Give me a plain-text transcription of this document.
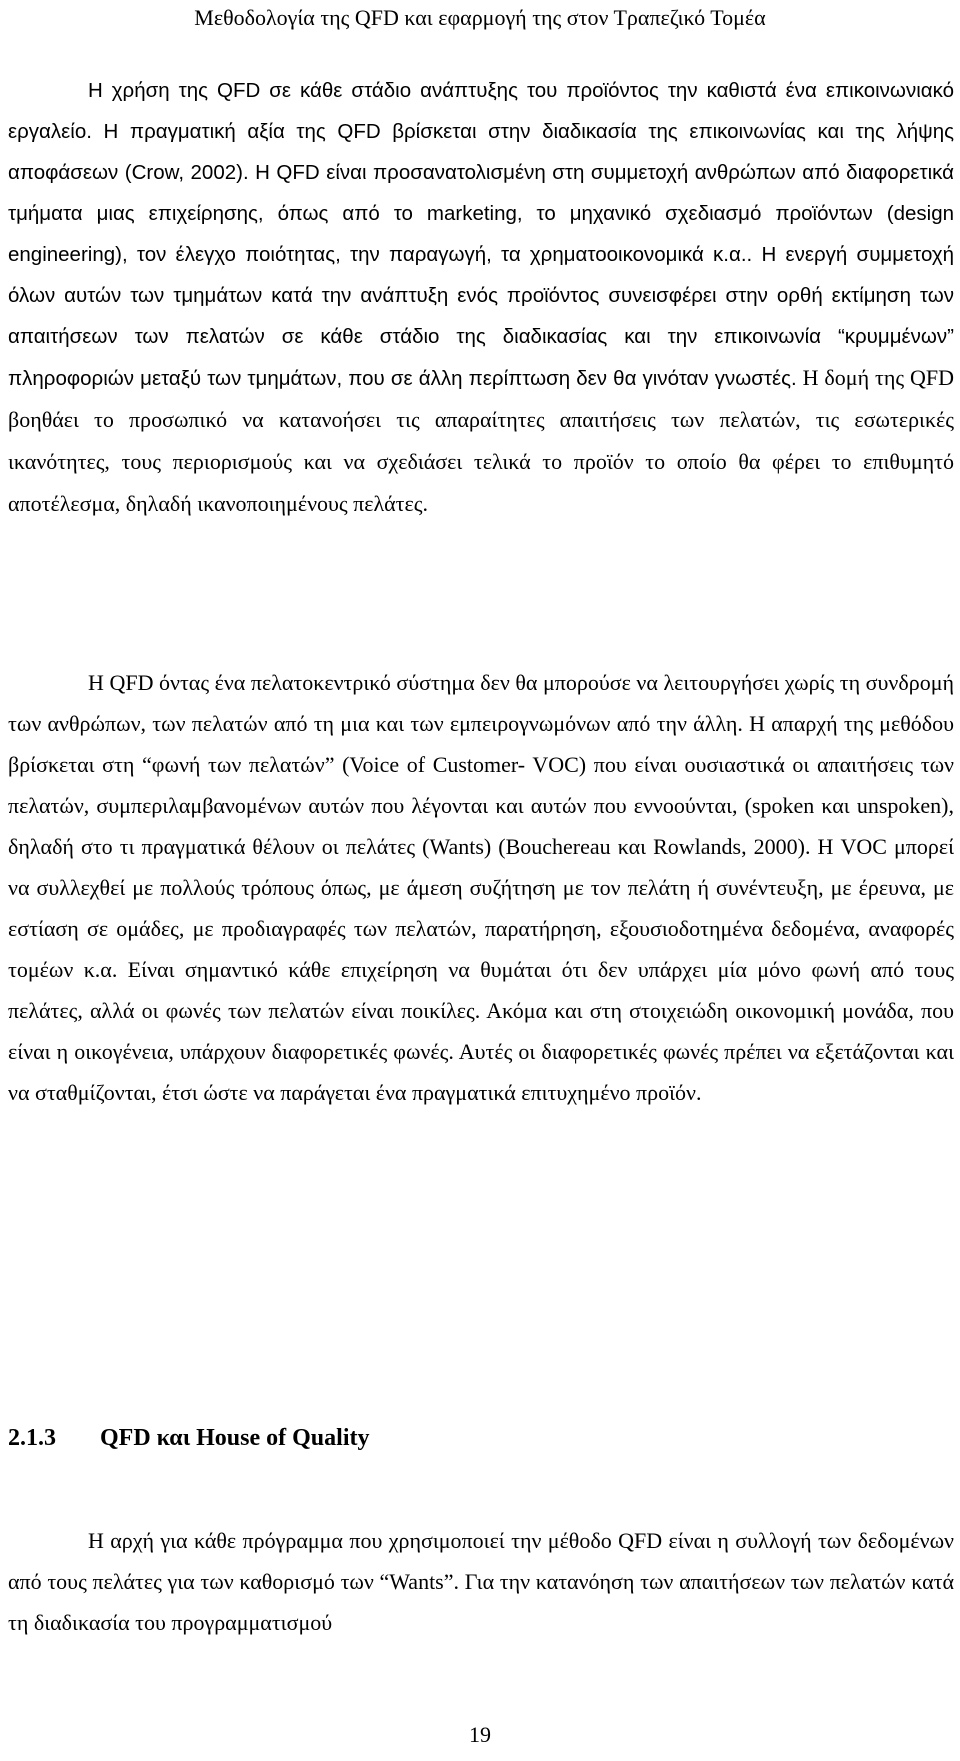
Μεθοδολογία της QFD και εφαρμογή της στον Τραπεζικό Τομέα

Η χρήση της QFD σε κάθε στάδιο ανάπτυξης του προϊόντος την καθιστά ένα επικοινωνιακό εργαλείο. Η πραγματική αξία της QFD βρίσκεται στην διαδικασία της επικοινωνίας και της λήψης αποφάσεων (Crow, 2002). Η QFD είναι προσανατολισμένη στη συμμετοχή ανθρώπων από διαφορετικά τμήματα μιας επιχείρησης, όπως από το marketing, το μηχανικό σχεδιασμό προϊόντων (design engineering), τον έλεγχο ποιότητας, την παραγωγή, τα χρηματοοικονομικά κ.α.. Η ενεργή συμμετοχή όλων αυτών των τμημάτων κατά την ανάπτυξη ενός προϊόντος συνεισφέρει στην ορθή εκτίμηση των απαιτήσεων των πελατών σε κάθε στάδιο της διαδικασίας και την επικοινωνία “κρυμμένων” πληροφοριών μεταξύ των τμημάτων, που σε άλλη περίπτωση δεν θα γινόταν γνωστές. Η δομή της QFD βοηθάει το προσωπικό να κατανοήσει τις απαραίτητες απαιτήσεις των πελατών, τις εσωτερικές ικανότητες, τους περιορισμούς και να σχεδιάσει τελικά το προϊόν το οποίο θα φέρει το επιθυμητό αποτέλεσμα, δηλαδή ικανοποιημένους πελάτες.

Η QFD όντας ένα πελατοκεντρικό σύστημα δεν θα μπορούσε να λειτουργήσει χωρίς τη συνδρομή των ανθρώπων, των πελατών από τη μια και των εμπειρογνωμόνων από την άλλη. Η απαρχή της μεθόδου βρίσκεται στη “φωνή των πελατών” (Voice of Customer- VOC) που είναι ουσιαστικά οι απαιτήσεις των πελατών, συμπεριλαμβανομένων αυτών που λέγονται και αυτών που εννοούνται, (spoken και unspoken), δηλαδή στο τι πραγματικά θέλουν οι πελάτες (Wants) (Bouchereau και Rowlands, 2000). Η VOC μπορεί να συλλεχθεί με πολλούς τρόπους όπως, με άμεση συζήτηση με τον πελάτη ή συνέντευξη, με έρευνα, με εστίαση σε ομάδες, με προδιαγραφές των πελατών, παρατήρηση, εξουσιοδοτημένα δεδομένα, αναφορές τομέων κ.α. Είναι σημαντικό κάθε επιχείρηση να θυμάται ότι δεν υπάρχει μία μόνο φωνή από τους πελάτες, αλλά οι φωνές των πελατών είναι ποικίλες. Ακόμα και στη στοιχειώδη οικονομική μονάδα, που είναι η οικογένεια, υπάρχουν διαφορετικές φωνές. Αυτές οι διαφορετικές φωνές πρέπει να εξετάζονται και να σταθμίζονται, έτσι ώστε να παράγεται ένα πραγματικά επιτυχημένο προϊόν.

2.1.3 QFD και House of Quality

Η αρχή για κάθε πρόγραμμα που χρησιμοποιεί την μέθοδο QFD είναι η συλλογή των δεδομένων από τους πελάτες για των καθορισμό των “Wants”. Για την κατανόηση των απαιτήσεων των πελατών κατά τη διαδικασία του προγραμματισμού

19
